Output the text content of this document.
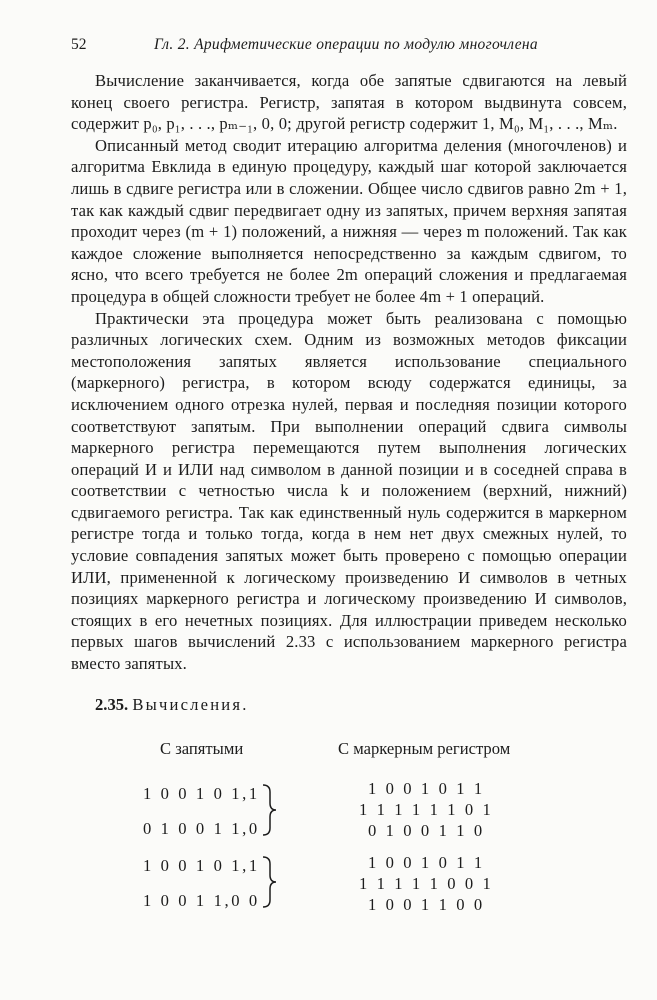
52	Гл. 2. Арифметические операции по модулю многочлена

Вычисление заканчивается, когда обе запятые сдвигаются на левый конец своего регистра. Регистр, запятая в котором выдвинута совсем, содержит p₀, p₁, . . ., pₘ₋₁, 0, 0; другой регистр содержит 1, M₀, M₁, . . ., Mₘ.

Описанный метод сводит итерацию алгоритма деления (многочленов) и алгоритма Евклида в единую процедуру, каждый шаг которой заключается лишь в сдвиге регистра или в сложении. Общее число сдвигов равно 2m + 1, так как каждый сдвиг передвигает одну из запятых, причем верхняя запятая проходит через (m + 1) положений, а нижняя — через m положений. Так как каждое сложение выполняется непосредственно за каждым сдвигом, то ясно, что всего требуется не более 2m операций сложения и предлагаемая процедура в общей сложности требует не более 4m + 1 операций.

Практически эта процедура может быть реализована с помощью различных логических схем. Одним из возможных методов фиксации местоположения запятых является использование специального (маркерного) регистра, в котором всюду содержатся единицы, за исключением одного отрезка нулей, первая и последняя позиции которого соответствуют запятым. При выполнении операций сдвига символы маркерного регистра перемещаются путем выполнения логических операций И и ИЛИ над символом в данной позиции и в соседней справа в соответствии с четностью числа k и положением (верхний, нижний) сдвигаемого регистра. Так как единственный нуль содержится в маркерном регистре тогда и только тогда, когда в нем нет двух смежных нулей, то условие совпадения запятых может быть проверено с помощью операции ИЛИ, примененной к логическому произведению И символов в четных позициях маркерного регистра и логическому произведению И символов, стоящих в его нечетных позициях. Для иллюстрации приведем несколько первых шагов вычислений 2.33 с использованием маркерного регистра вместо запятых.

2.35. Вычисления.
С запятыми	С маркерным регистром
1 0 0 1 0 1,1
0 1 0 0 1 1,0
1 0 0 1 0 1 1
1 1 1 1 1 1 0 1
0 1 0 0 1 1 0
1 0 0 1 0 1,1
1 0 0 1 1,0 0
1 0 0 1 0 1 1
1 1 1 1 1 0 0 1
1 0 0 1 1 0 0
